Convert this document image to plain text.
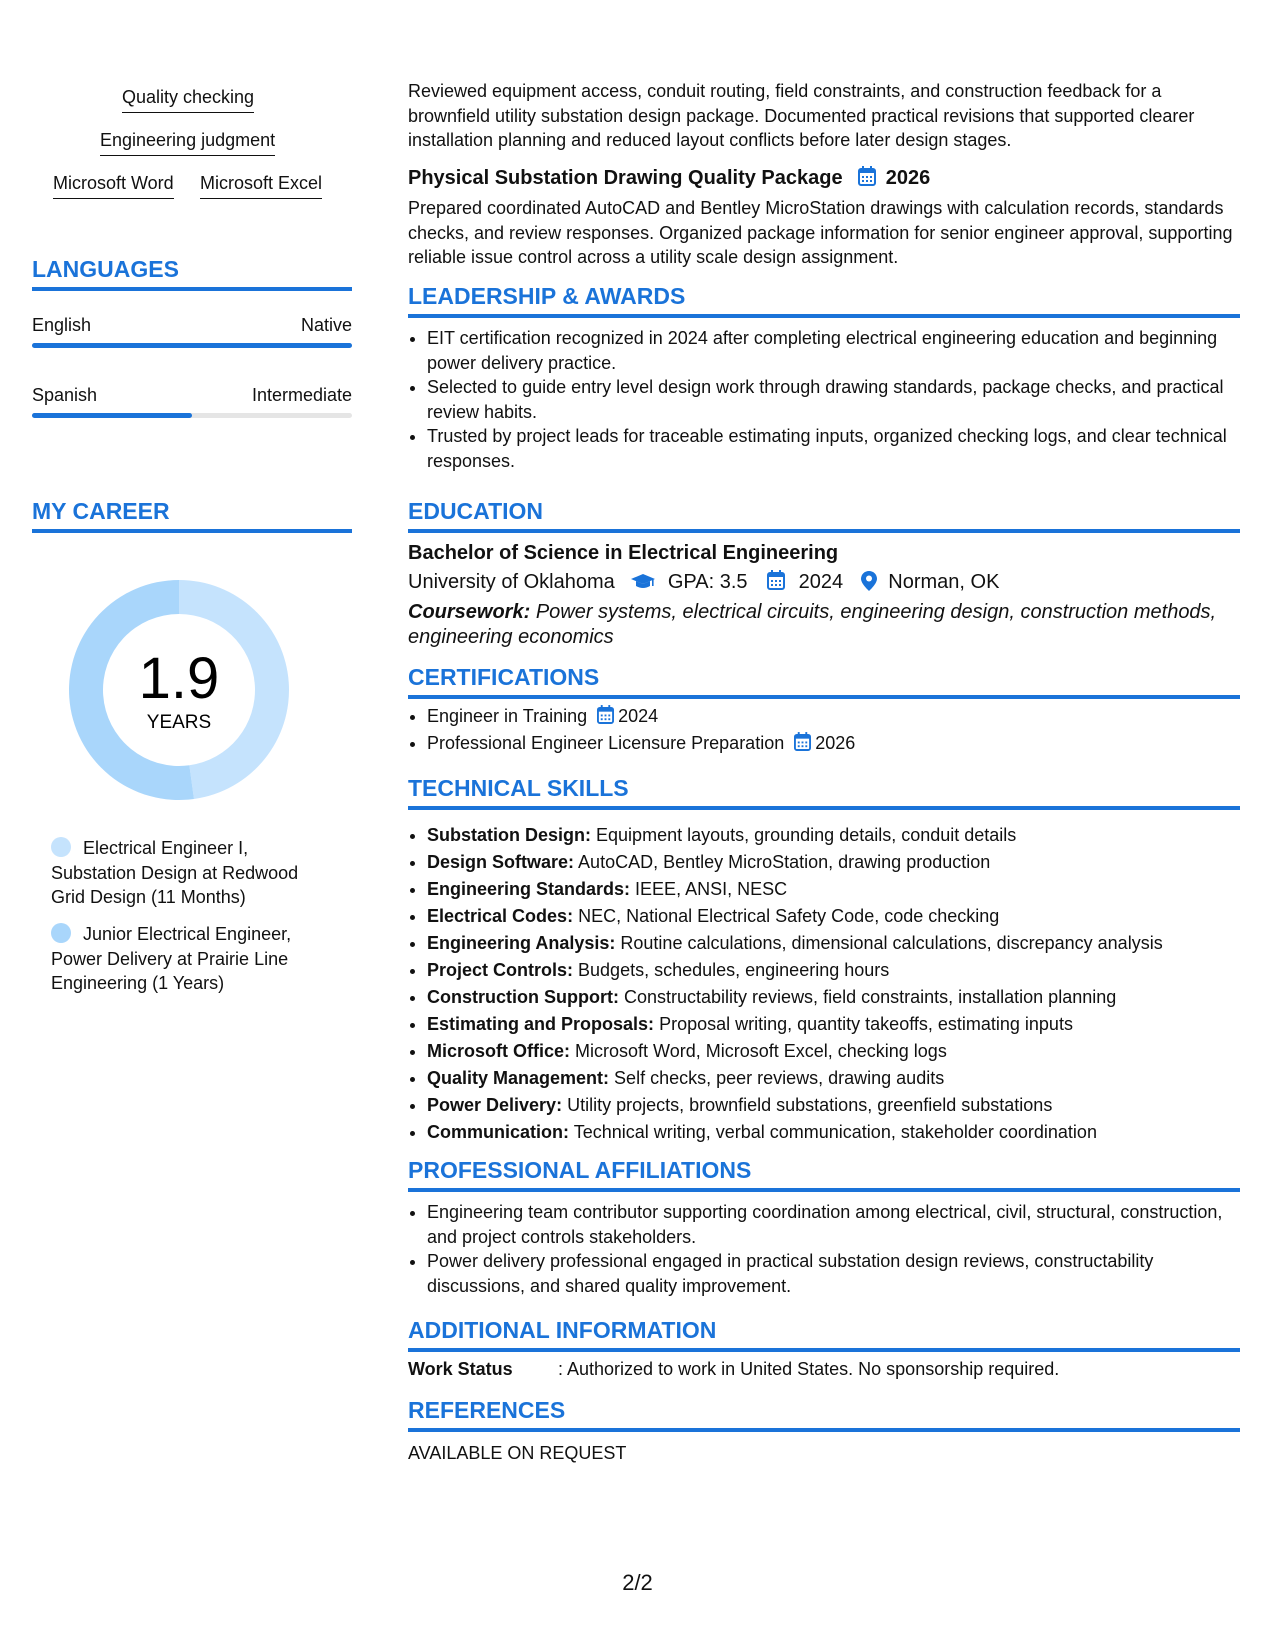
Quality checking
Engineering judgment
Microsoft Word Microsoft Excel
LANGUAGES
English	Native
Spanish	Intermediate
MY CAREER
1.9
YEARS
Electrical Engineer I, Substation Design at Redwood Grid Design (11 Months)
Junior Electrical Engineer, Power Delivery at Prairie Line Engineering (1 Years)
Reviewed equipment access, conduit routing, field constraints, and construction feedback for a brownfield utility substation design package. Documented practical revisions that supported clearer installation planning and reduced layout conflicts before later design stages.
Physical Substation Drawing Quality Package 2026
Prepared coordinated AutoCAD and Bentley MicroStation drawings with calculation records, standards checks, and review responses. Organized package information for senior engineer approval, supporting reliable issue control across a utility scale design assignment.
LEADERSHIP & AWARDS
• EIT certification recognized in 2024 after completing electrical engineering education and beginning power delivery practice.
• Selected to guide entry level design work through drawing standards, package checks, and practical review habits.
• Trusted by project leads for traceable estimating inputs, organized checking logs, and clear technical responses.
EDUCATION
Bachelor of Science in Electrical Engineering
University of Oklahoma	GPA: 3.5	2024 Norman, OK
Coursework: Power systems, electrical circuits, engineering design, construction methods, engineering economics
CERTIFICATIONS
• Engineer in Training 2024
• Professional Engineer Licensure Preparation 2026
TECHNICAL SKILLS
• Substation Design: Equipment layouts, grounding details, conduit details
• Design Software: AutoCAD, Bentley MicroStation, drawing production
• Engineering Standards: IEEE, ANSI, NESC
• Electrical Codes: NEC, National Electrical Safety Code, code checking
• Engineering Analysis: Routine calculations, dimensional calculations, discrepancy analysis
• Project Controls: Budgets, schedules, engineering hours
• Construction Support: Constructability reviews, field constraints, installation planning
• Estimating and Proposals: Proposal writing, quantity takeoffs, estimating inputs
• Microsoft Office: Microsoft Word, Microsoft Excel, checking logs
• Quality Management: Self checks, peer reviews, drawing audits
• Power Delivery: Utility projects, brownfield substations, greenfield substations
• Communication: Technical writing, verbal communication, stakeholder coordination
PROFESSIONAL AFFILIATIONS
• Engineering team contributor supporting coordination among electrical, civil, structural, construction, and project controls stakeholders.
• Power delivery professional engaged in practical substation design reviews, constructability discussions, and shared quality improvement.
ADDITIONAL INFORMATION
Work Status	: Authorized to work in United States. No sponsorship required.
REFERENCES
AVAILABLE ON REQUEST
2/2
